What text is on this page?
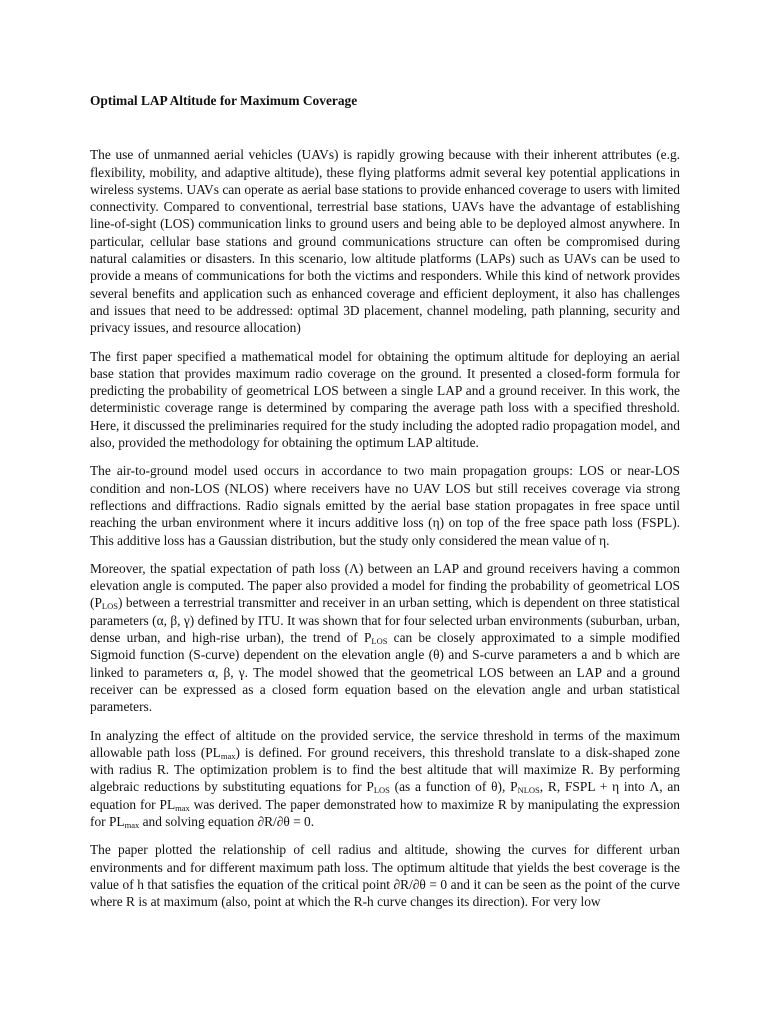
Optimal LAP Altitude for Maximum Coverage

The use of unmanned aerial vehicles (UAVs) is rapidly growing because with their inherent attributes (e.g. flexibility, mobility, and adaptive altitude), these flying platforms admit several key potential applications in wireless systems. UAVs can operate as aerial base stations to provide enhanced coverage to users with limited connectivity. Compared to conventional, terrestrial base stations, UAVs have the advantage of establishing line-of-sight (LOS) communication links to ground users and being able to be deployed almost anywhere. In particular, cellular base stations and ground communications structure can often be compromised during natural calamities or disasters. In this scenario, low altitude platforms (LAPs) such as UAVs can be used to provide a means of communications for both the victims and responders. While this kind of network provides several benefits and application such as enhanced coverage and efficient deployment, it also has challenges and issues that need to be addressed: optimal 3D placement, channel modeling, path planning, security and privacy issues, and resource allocation)

The first paper specified a mathematical model for obtaining the optimum altitude for deploying an aerial base station that provides maximum radio coverage on the ground. It presented a closed-form formula for predicting the probability of geometrical LOS between a single LAP and a ground receiver. In this work, the deterministic coverage range is determined by comparing the average path loss with a specified threshold. Here, it discussed the preliminaries required for the study including the adopted radio propagation model, and also, provided the methodology for obtaining the optimum LAP altitude.

The air-to-ground model used occurs in accordance to two main propagation groups: LOS or near-LOS condition and non-LOS (NLOS) where receivers have no UAV LOS but still receives coverage via strong reflections and diffractions. Radio signals emitted by the aerial base station propagates in free space until reaching the urban environment where it incurs additive loss (η) on top of the free space path loss (FSPL). This additive loss has a Gaussian distribution, but the study only considered the mean value of η.

Moreover, the spatial expectation of path loss (Λ) between an LAP and ground receivers having a common elevation angle is computed. The paper also provided a model for finding the probability of geometrical LOS $(P_{LOS})$ between a terrestrial transmitter and receiver in an urban setting, which is dependent on three statistical parameters (α, β, γ) defined by ITU. It was shown that for four selected urban environments (suburban, urban, dense urban, and high-rise urban), the trend of $P_{LOS}$ can be closely approximated to a simple modified Sigmoid function (S-curve) dependent on the elevation angle (θ) and S-curve parameters a and b which are linked to parameters α, β, γ. The model showed that the geometrical LOS between an LAP and a ground receiver can be expressed as a closed form equation based on the elevation angle and urban statistical parameters.

In analyzing the effect of altitude on the provided service, the service threshold in terms of the maximum allowable path loss $(PL_{max})$ is defined. For ground receivers, this threshold translate to a disk-shaped zone with radius R. The optimization problem is to find the best altitude that will maximize R. By performing algebraic reductions by substituting equations for $P_{LOS}$ (as a function of θ), $P_{NLOS}$, R, FSPL + η into Λ, an equation for $PL_{max}$ was derived. The paper demonstrated how to maximize R by manipulating the expression for $PL_{max}$ and solving equation ∂R/∂θ = 0.

The paper plotted the relationship of cell radius and altitude, showing the curves for different urban environments and for different maximum path loss. The optimum altitude that yields the best coverage is the value of h that satisfies the equation of the critical point ∂R/∂θ = 0 and it can be seen as the point of the curve where R is at maximum (also, point at which the R-h curve changes its direction). For very low
